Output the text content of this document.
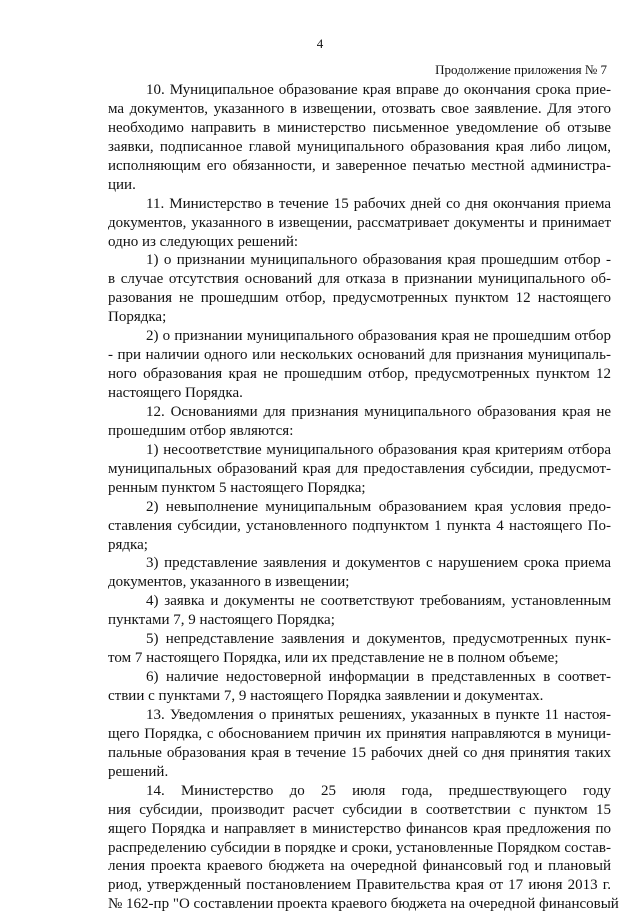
4
Продолжение приложения № 7
10. Муниципальное образование края вправе до окончания срока прие-
ма документов, указанного в извещении, отозвать свое заявление. Для этого
необходимо направить в министерство письменное уведомление об отзыве
заявки, подписанное главой муниципального образования края либо лицом,
исполняющим его обязанности, и заверенное печатью местной администра-
ции.
11. Министерство в течение 15 рабочих дней со дня окончания приема
документов, указанного в извещении, рассматривает документы и принимает
одно из следующих решений:
1) о признании муниципального образования края прошедшим отбор -
в случае отсутствия оснований для отказа в признании муниципального об-
разования не прошедшим отбор, предусмотренных пунктом 12 настоящего
Порядка;
2) о признании муниципального образования края не прошедшим отбор
- при наличии одного или нескольких оснований для признания муниципаль-
ного образования края не прошедшим отбор, предусмотренных пунктом 12
настоящего Порядка.
12. Основаниями для признания муниципального образования края не
прошедшим отбор являются:
1) несоответствие муниципального образования края критериям отбора
муниципальных образований края для предоставления субсидии, предусмот-
ренным пунктом 5 настоящего Порядка;
2) невыполнение муниципальным образованием края условия предо-
ставления субсидии, установленного подпунктом 1 пункта 4 настоящего По-
рядка;
3) представление заявления и документов с нарушением срока приема
документов, указанного в извещении;
4) заявка и документы не соответствуют требованиям, установленным
пунктами 7, 9 настоящего Порядка;
5) непредставление заявления и документов, предусмотренных пунк-
том 7 настоящего Порядка, или их представление не в полном объеме;
6) наличие недостоверной информации в представленных в соответ-
ствии с пунктами 7, 9 настоящего Порядка заявлении и документах.
13. Уведомления о принятых решениях, указанных в пункте 11 настоя-
щего Порядка, с обоснованием причин их принятия направляются в муници-
пальные образования края в течение 15 рабочих дней со дня принятия таких
решений.
14. Министерство до 25 июля года, предшествующего году
ния субсидии, производит расчет субсидии в соответствии с пунктом 15
ящего Порядка и направляет в министерство финансов края предложения по
распределению субсидии в порядке и сроки, установленные Порядком состав-
ления проекта краевого бюджета на очередной финансовый год и плановый
риод, утвержденный постановлением Правительства края от 17 июня 2013 г.
№ 162-пр "О составлении проекта краевого бюджета на очередной финансовый
